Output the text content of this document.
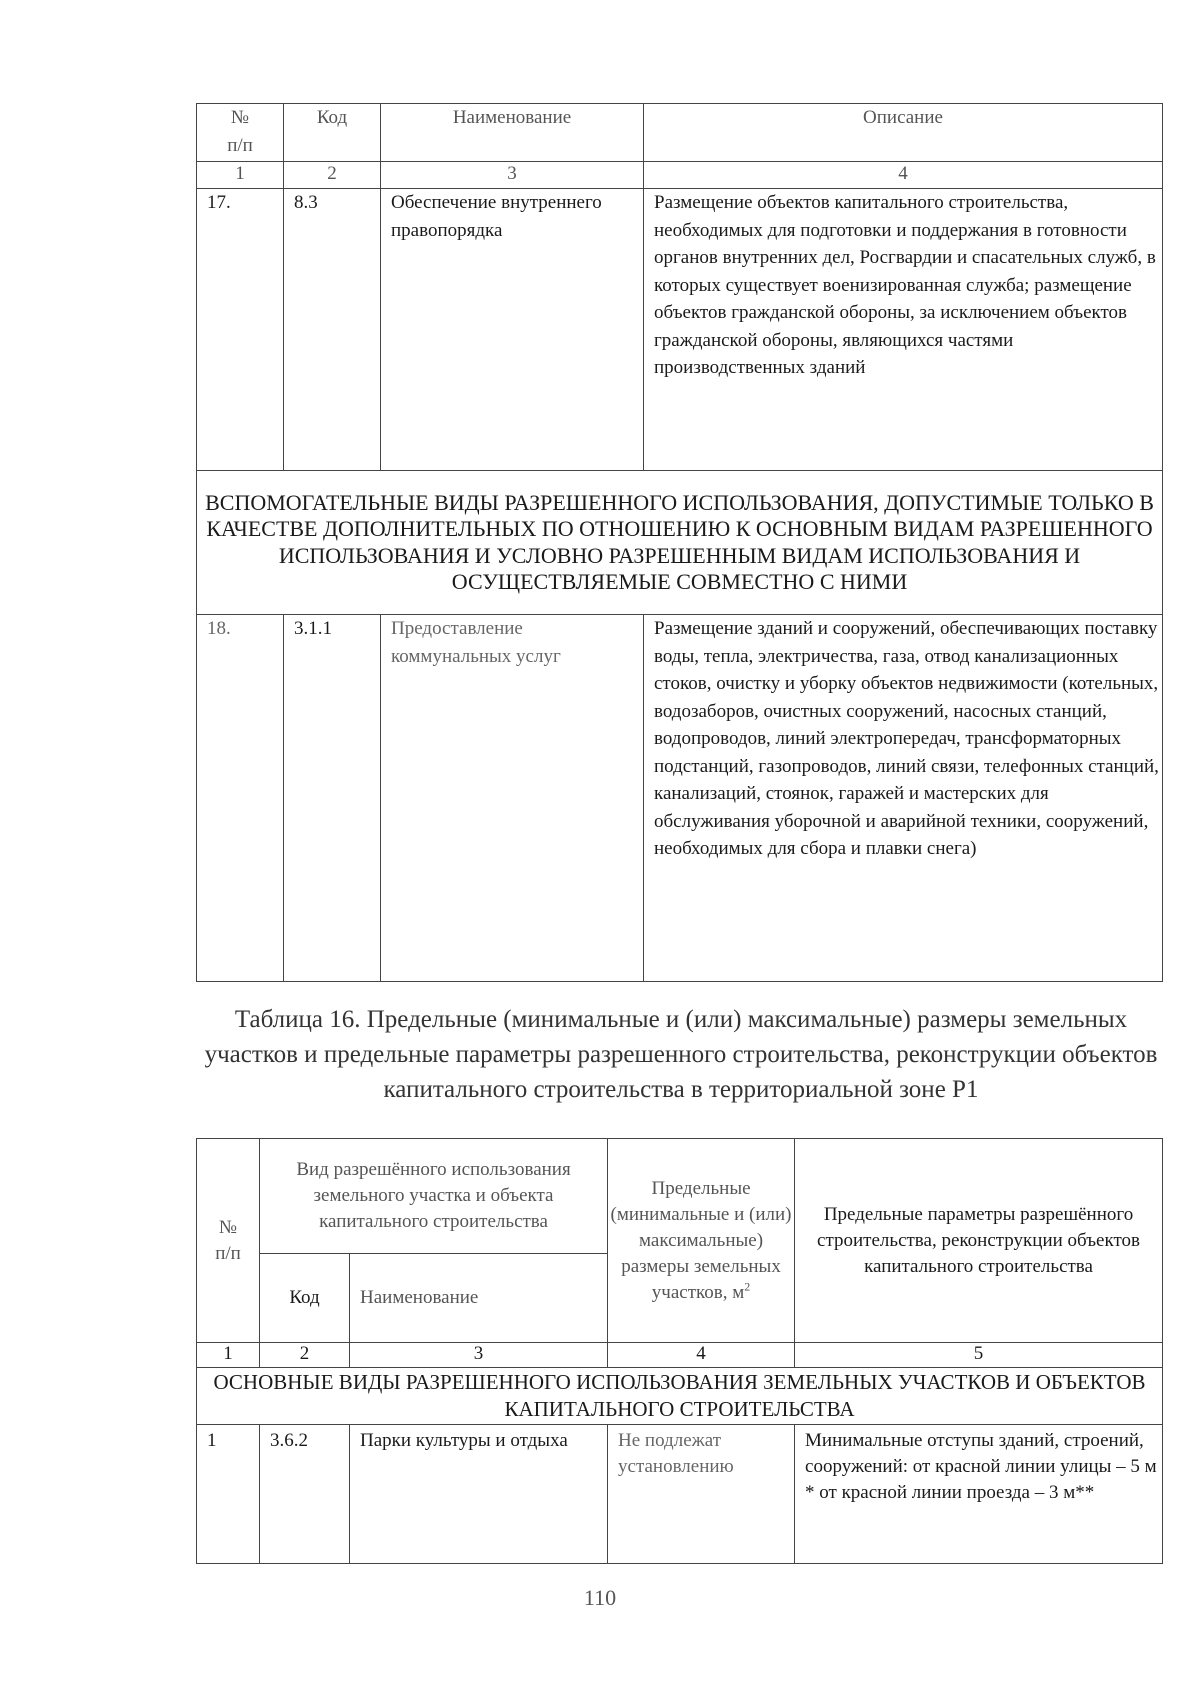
№
п/п	Код	Наименование	Описание
1	2	3	4
17.	8.3	Обеспечение внутреннего правопорядка	Размещение объектов капитального строительства, необходимых для подготовки и поддержания в готовности органов внутренних дел, Росгвардии и спасательных служб, в которых существует военизированная служба; размещение объектов гражданской обороны, за исключением объектов гражданской обороны, являющихся частями производственных зданий
ВСПОМОГАТЕЛЬНЫЕ ВИДЫ РАЗРЕШЕННОГО ИСПОЛЬЗОВАНИЯ, ДОПУСТИМЫЕ ТОЛЬКО В КАЧЕСТВЕ ДОПОЛНИТЕЛЬНЫХ ПО ОТНОШЕНИЮ К ОСНОВНЫМ ВИДАМ РАЗРЕШЕННОГО ИСПОЛЬЗОВАНИЯ И УСЛОВНО РАЗРЕШЕННЫМ ВИДАМ ИСПОЛЬЗОВАНИЯ И ОСУЩЕСТВЛЯЕМЫЕ СОВМЕСТНО С НИМИ			
18.	3.1.1	Предоставление коммунальных услуг	Размещение зданий и сооружений, обеспечивающих поставку воды, тепла, электричества, газа, отвод канализационных стоков, очистку и уборку объектов недвижимости (котельных, водозаборов, очистных сооружений, насосных станций, водопроводов, линий электропередач, трансформаторных подстанций, газопроводов, линий связи, телефонных станций, канализаций, стоянок, гаражей и мастерских для обслуживания уборочной и аварийной техники, сооружений, необходимых для сбора и плавки снега)
Таблица 16. Предельные (минимальные и (или) максимальные) размеры земельных участков и предельные параметры разрешенного строительства, реконструкции объектов капитального строительства в территориальной зоне Р1
№
п/п	Вид разрешённого использования земельного участка и объекта капитального строительства		Предельные (минимальные и (или) максимальные) размеры земельных участков, $м^2$	Предельные параметры разрешённого строительства, реконструкции объектов капитального строительства
	Код	Наименование		
1	2	3	4	5
ОСНОВНЫЕ ВИДЫ РАЗРЕШЕННОГО ИСПОЛЬЗОВАНИЯ ЗЕМЕЛЬНЫХ УЧАСТКОВ И ОБЪЕКТОВ КАПИТАЛЬНОГО СТРОИТЕЛЬСТВА				
1	3.6.2	Парки культуры и отдыха	Не подлежат установлению	Минимальные отступы зданий, строений, сооружений: от красной линии улицы – 5 м * от красной линии проезда – 3 м**
110
